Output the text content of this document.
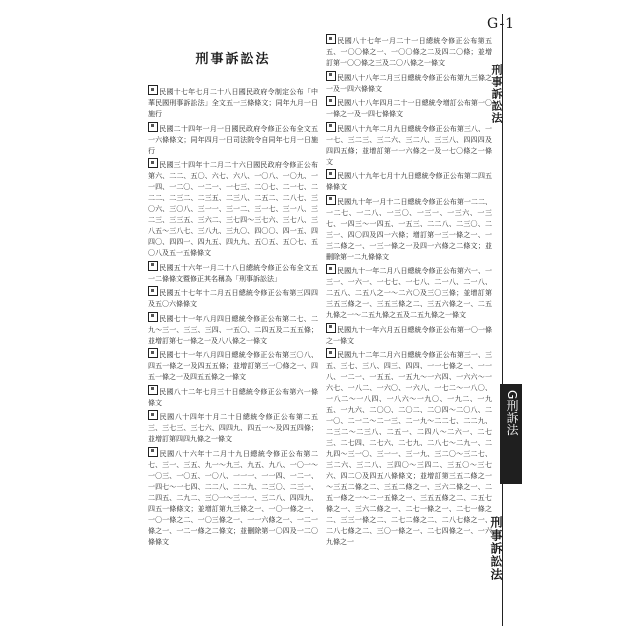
G-1
刑事訴訟法
民國十七年七月二十八日國民政府令制定公布「中華民國刑事訴訟法」全文五一三條條文；同年九月一日施行
民國二十四年一月一日國民政府令修正公布全文五一六條條文；同年四月一日司法院令自同年七月一日施行
民國三十四年十二月二十六日國民政府令修正公布第六、二二、五〇、六七、六八、一〇八、一〇九、一一四、一二〇、一二一、一七三、二〇七、二一七、二二二、二三二、二三五、二三八、二五二、二八七、三〇六、三〇八、三一一、三一二、三一七、三一八、三二三、三三五、三六二、三七四～三七六、三七八、三八五～三八七、三八九、三九〇、四〇〇、四一五、四四〇、四四一、四九五、四九九、五〇五、五〇七、五〇八及五一五條條文
民國五十六年一月二十八日總統令修正公布全文五一二條條文暨修正其名稱為「刑事訴訟法」
民國五十七年十二月五日總統令修正公布第三四四及五〇六條條文
民國七十一年八月四日總統令修正公布第二七、二九～三一、三三、三四、一五〇、二四五及二五五條；並增訂第七一條之一及八八條之一條文
民國七十一年八月四日總統令修正公布第三〇八、四五一條之一及四五五條；並增訂第三一〇條之一、四五一條之一及四五五條之一條文
民國八十二年七月三十日總統令修正公布第六一條條文
民國八十四年十月二十日總統令修正公布第二五三、三七三、三七六、四四九、四五一～及四五四條；並增訂第四四九條之一條文
民國八十六年十二月十九日總統令修正公布第二七、三一、三五、九一～九三、九五、九八、一〇一～一〇三、一〇五、一〇八、一一一、一一四、一二一、一四七～一七四、二二八、二二九、二三〇、二三一、二四五、二九二、三〇一～三一一、三二八、四四九、四五一條條文；並增訂第九三條之一、一〇一條之一、一〇一條之二、一〇三條之一、一一六條之一、一二一條之一、一二一條之二條文；並刪除第一〇四及一二〇條條文
民國八十七年一月二十一日總統令修正公布第五五、一〇〇條之一、一〇〇條之二及四二〇條；並增訂第一〇〇條之三及二〇八條之一條文
民國八十八年二月三日總統令修正公布第九三條之一及一四六條條文
民國八十八年四月二十一日總統令增訂公布第一〇一條之一及一四七條條文
民國八十九年二月九日總統令修正公布第三八、一一七、三二三、三二六、三二八、三三八、四四四及四四五條；並增訂第一一六條之一及一七〇條之一條文
民國八十九年七月十九日總統令修正公布第二四五條條文
民國九十年一月十二日總統令修正公布第一二二、一二七、一二八、一三〇、一三一、一三六、一三七、一四三～一四五、一五三、二二八、二三〇、二三一、四〇四及四一六條；增訂第一三一條之一、一三二條之一、一三一條之一及四一六條之二條文；並刪除第一二九條條文
民國九十一年二月八日總統令修正公布第六一、一三一、一六一、一七七、一七八、二一八、二一八、二五八、二五八之一～二六〇及三〇三條；並增訂第三五三條之一、三五三條之二、三五六條之一、二五九條之一～二五九條之五及二五九條之一條文
民國九十一年六月五日總統令修正公布第一〇一條之一條文
民國九十二年二月六日總統令修正公布第三一、三五、三七、三八、四三、四四、一一七條之一、一一八、一二一、一五五、一五九～一六四、一六六～一六七、一八二、一六〇、一六八、一七二～一八〇、一八二～一八四、一八六～一九〇、一九二、一九五、一九六、二〇〇、二〇二、二〇四～二〇八、二一〇、二一二～二一三、二一九～二二七、二二九、二三二～二三八、二五一、二四八～二六一、二七三、二七四、二七六、二七九、二八七～二九一、二九四～三一〇、三一一、三一九、三二〇～三二七、三二六、三二八、三四〇～三四二、三五〇～三七六、四二〇及四五八條條文；並增訂第三五二條之一～三五二條之二、三五二條之一、三六二條之一、二五一條之一～二一五條之一、三五五條之二、二五七條之一、三六二條之一、二七一條之一、二七一條之二、三三一條之二、二七二條之二、二八七條之一、二八七條之二、三〇一條之一、二七四條之一、一六九條之一
刑事訴訟法
G刑訴法
刑事訴訟法
